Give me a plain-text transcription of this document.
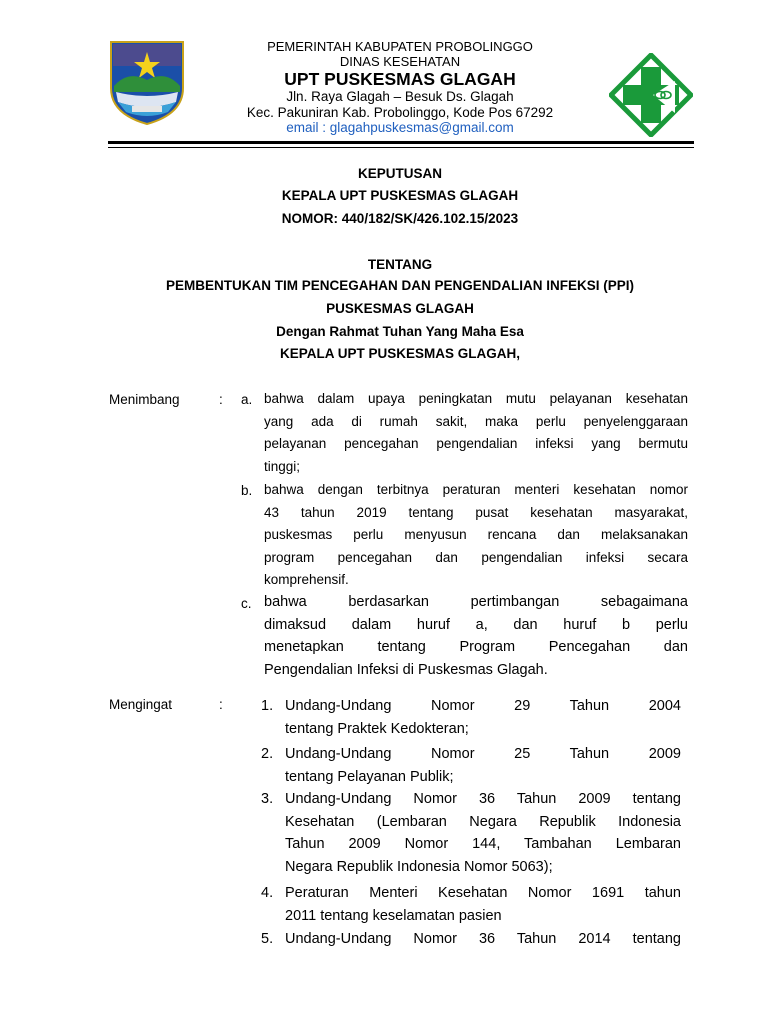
PEMERINTAH KABUPATEN PROBOLINGGO
DINAS KESEHATAN
UPT PUSKESMAS GLAGAH
Jln. Raya Glagah – Besuk Ds. Glagah
Kec. Pakuniran Kab. Probolinggo, Kode Pos 67292
email : glagahpuskesmas@gmail.com
KEPUTUSAN
KEPALA UPT PUSKESMAS GLAGAH
NOMOR: 440/182/SK/426.102.15/2023
TENTANG
PEMBENTUKAN TIM PENCEGAHAN DAN PENGENDALIAN INFEKSI (PPI)
PUSKESMAS GLAGAH
Dengan Rahmat Tuhan Yang Maha Esa
KEPALA UPT PUSKESMAS GLAGAH,
Menimbang	: a. bahwa dalam upaya peningkatan mutu pelayanan kesehatan
yang ada di rumah sakit, maka perlu penyelenggaraan
pelayanan pencegahan pengendalian infeksi yang bermutu
tinggi;
b. bahwa dengan terbitnya peraturan menteri kesehatan nomor
43 tahun 2019 tentang pusat kesehatan masyarakat,
puskesmas perlu menyusun rencana dan melaksanakan
program pencegahan dan pengendalian infeksi secara
komprehensif.
c. bahwa berdasarkan pertimbangan sebagaimana
dimaksud dalam huruf a, dan huruf b perlu
menetapkan tentang Program Pencegahan dan
Pengendalian Infeksi di Puskesmas Glagah.
Mengingat	:	1. Undang-Undang Nomor 29 Tahun 2004
tentang Praktek Kedokteran;
2. Undang-Undang Nomor 25 Tahun 2009
tentang Pelayanan Publik;
3. Undang-Undang Nomor 36 Tahun 2009 tentang
Kesehatan (Lembaran Negara Republik Indonesia
Tahun 2009 Nomor 144, Tambahan Lembaran
Negara Republik Indonesia Nomor 5063);
4. Peraturan Menteri Kesehatan Nomor 1691 tahun
2011 tentang keselamatan pasien
5. Undang-Undang Nomor 36 Tahun 2014 tentang
